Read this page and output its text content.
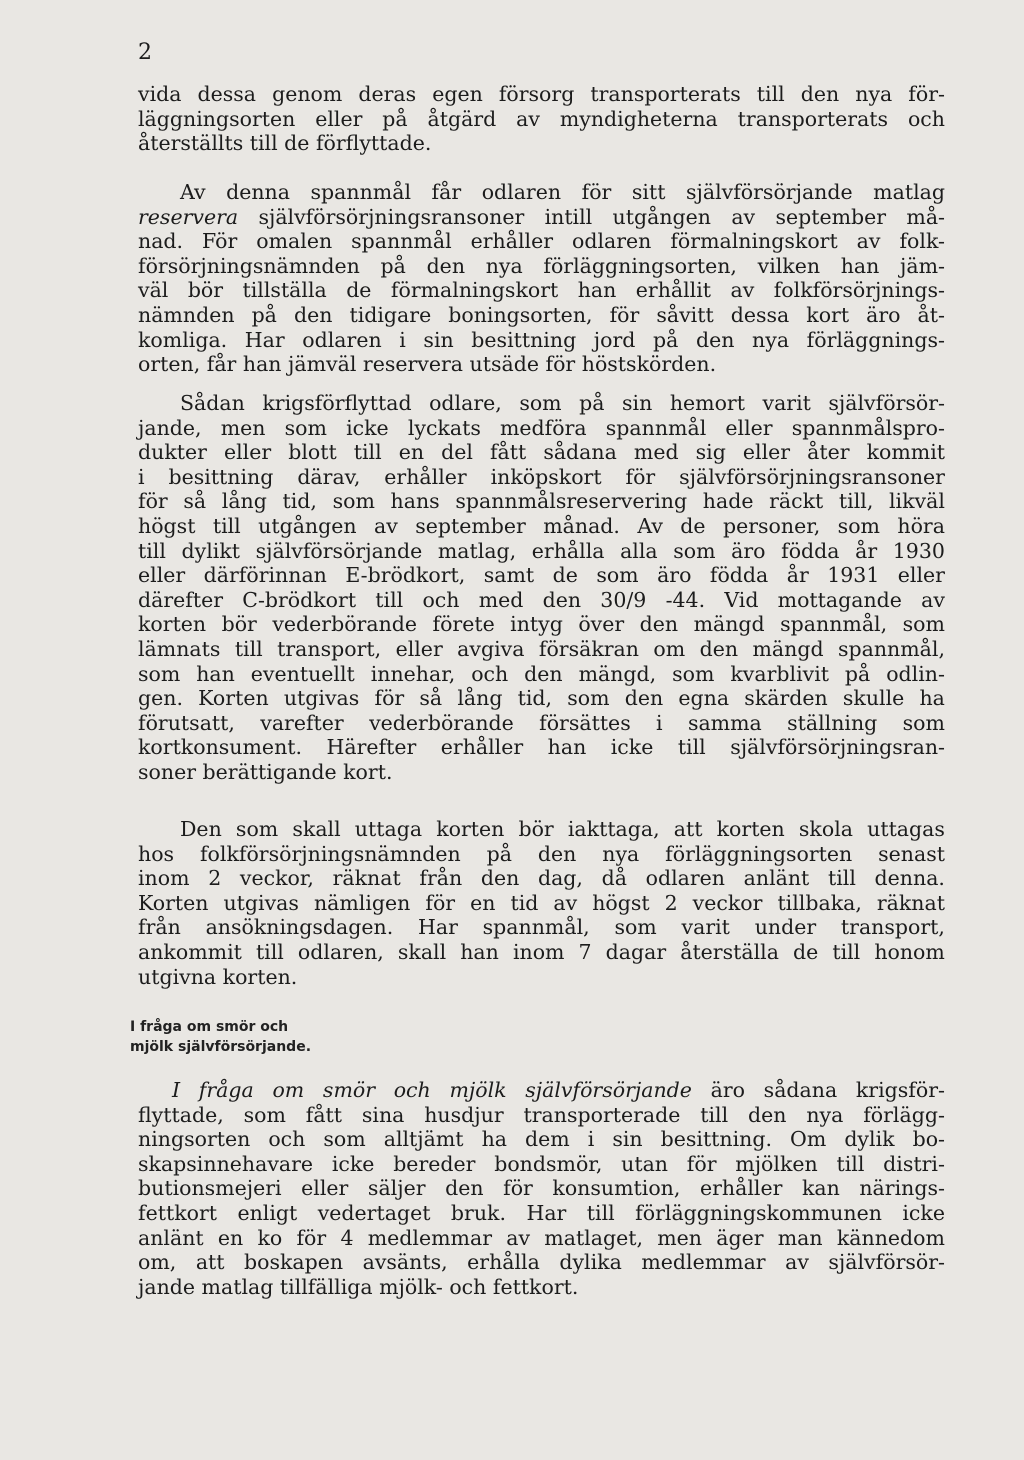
2
vida dessa genom deras egen försorg transporterats till den nya för-
läggningsorten eller på åtgärd av myndigheterna transporterats och
återställts till de förflyttade.
Av denna spannmål får odlaren för sitt självförsörjande matlag
reservera självförsörjningsransoner intill utgången av september må-
nad. För omalen spannmål erhåller odlaren förmalningskort av folk-
försörjningsnämnden på den nya förläggningsorten, vilken han jäm-
väl bör tillställa de förmalningskort han erhållit av folkförsörjnings-
nämnden på den tidigare boningsorten, för såvitt dessa kort äro åt-
komliga. Har odlaren i sin besittning jord på den nya förläggnings-
orten, får han jämväl reservera utsäde för höstskörden.
Sådan krigsförflyttad odlare, som på sin hemort varit självförsör-
jande, men som icke lyckats medföra spannmål eller spannmålspro-
dukter eller blott till en del fått sådana med sig eller åter kommit
i besittning därav, erhåller inköpskort för självförsörjningsransoner
för så lång tid, som hans spannmålsreservering hade räckt till, likväl
högst till utgången av september månad. Av de personer, som höra
till dylikt självförsörjande matlag, erhålla alla som äro födda år 1930
eller därförinnan E-brödkort, samt de som äro födda år 1931 eller
därefter C-brödkort till och med den 30/9 -44. Vid mottagande av
korten bör vederbörande förete intyg över den mängd spannmål, som
lämnats till transport, eller avgiva försäkran om den mängd spannmål,
som han eventuellt innehar, och den mängd, som kvarblivit på odlin-
gen. Korten utgivas för så lång tid, som den egna skärden skulle ha
förutsatt, varefter vederbörande försättes i samma ställning som
kortkonsument. Härefter erhåller han icke till självförsörjningsran-
soner berättigande kort.
Den som skall uttaga korten bör iakttaga, att korten skola uttagas
hos folkförsörjningsnämnden på den nya förläggningsorten senast
inom 2 veckor, räknat från den dag, då odlaren anlänt till denna.
Korten utgivas nämligen för en tid av högst 2 veckor tillbaka, räknat
från ansökningsdagen. Har spannmål, som varit under transport,
ankommit till odlaren, skall han inom 7 dagar återställa de till honom
utgivna korten.
I fråga om smör och mjölk självförsörjande äro sådana krigsför-
flyttade, som fått sina husdjur transporterade till den nya förlägg-
ningsorten och som alltjämt ha dem i sin besittning. Om dylik bo-
skapsinnehavare icke bereder bondsmör, utan för mjölken till distri-
butionsmejeri eller säljer den för konsumtion, erhåller kan närings-
fettkort enligt vedertaget bruk. Har till förläggningskommunen icke
anlänt en ko för 4 medlemmar av matlaget, men äger man kännedom
om, att boskapen avsänts, erhålla dylika medlemmar av självförsör-
jande matlag tillfälliga mjölk- och fettkort.
I fråga om smör och
mjölk självförsörjande.
